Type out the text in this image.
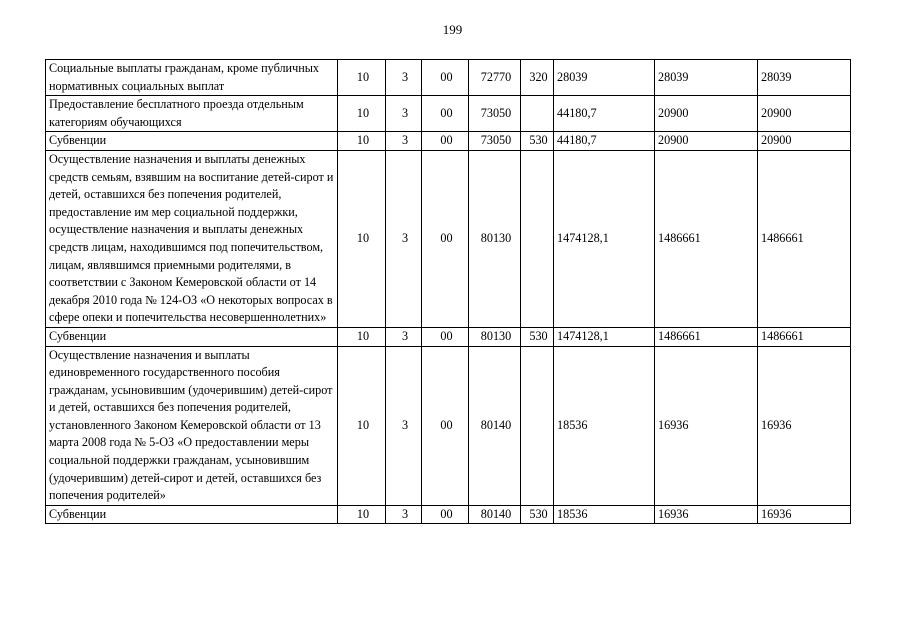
199
Социальные выплаты гражданам, кроме публичных нормативных социальных выплат	10	3	00	72770	320	28039	28039	28039
Предоставление бесплатного проезда отдельным категориям обучающихся	10	3	00	73050		44180,7	20900	20900
Субвенции	10	3	00	73050	530	44180,7	20900	20900
Осуществление назначения и выплаты денежных средств семьям, взявшим на воспитание детей-сирот и детей, оставшихся без попечения родителей, предоставление им мер социальной поддержки, осуществление назначения и выплаты денежных средств лицам, находившимся под попечительством, лицам, являвшимся приемными родителями, в соответствии с Законом Кемеровской области от 14 декабря 2010 года № 124-ОЗ «О некоторых вопросах в сфере опеки и попечительства несовершеннолетних»	10	3	00	80130		1474128,1	1486661	1486661
Субвенции	10	3	00	80130	530	1474128,1	1486661	1486661
Осуществление назначения и выплаты единовременного государственного пособия гражданам, усыновившим (удочерившим) детей-сирот и детей, оставшихся без попечения родителей, установленного Законом Кемеровской области от 13 марта 2008 года № 5-ОЗ «О предоставлении меры социальной поддержки гражданам, усыновившим (удочерившим) детей-сирот и детей, оставшихся без попечения родителей»	10	3	00	80140		18536	16936	16936
Субвенции	10	3	00	80140	530	18536	16936	16936
